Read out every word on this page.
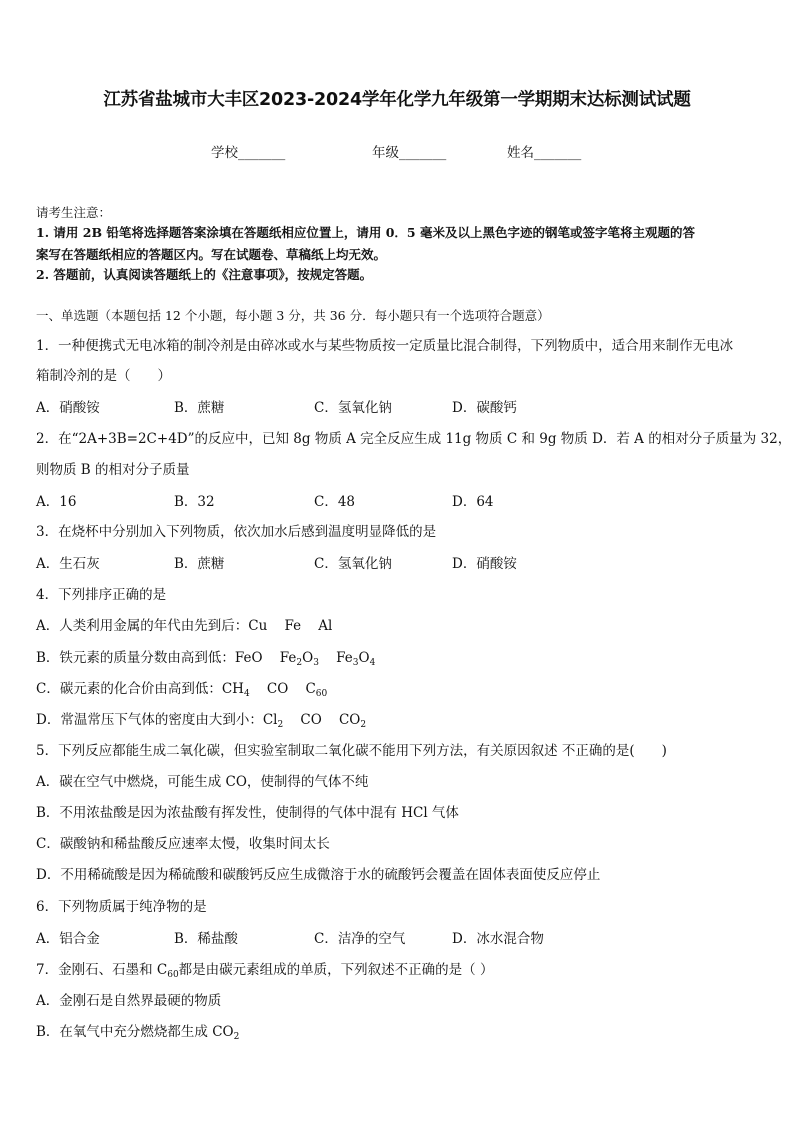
江苏省盐城市大丰区2023-2024学年化学九年级第一学期期末达标测试试题
学校_______	年级_______	姓名_______
请考生注意：
1. 请用 2B 铅笔将选择题答案涂填在答题纸相应位置上，请用 0．5 毫米及以上黑色字迹的钢笔或签字笔将主观题的答
案写在答题纸相应的答题区内。写在试题卷、草稿纸上均无效。
2. 答题前，认真阅读答题纸上的《注意事项》，按规定答题。
一、单选题（本题包括 12 个小题，每小题 3 分，共 36 分．每小题只有一个选项符合题意）
1．一种便携式无电冰箱的制冷剂是由碎冰或水与某些物质按一定质量比混合制得，下列物质中，适合用来制作无电冰
箱制冷剂的是（　　）
A．硝酸铵	B．蔗糖	C．氢氧化钠	D．碳酸钙
2．在“2A+3B=2C+4D”的反应中，已知 8g 物质 A 完全反应生成 11g 物质 C 和 9g 物质 D．若 A 的相对分子质量为 32，
则物质 B 的相对分子质量
A．16	B．32	C．48	D．64
3．在烧杯中分别加入下列物质，依次加水后感到温度明显降低的是
A．生石灰	B．蔗糖	C．氢氧化钠	D．硝酸铵
4．下列排序正确的是
A．人类利用金属的年代由先到后：Cu Fe Al
B．铁元素的质量分数由高到低：FeO $Fe_2O_3$ $Fe_3O_4$
C．碳元素的化合价由高到低：$CH_4$ CO $C_{60}$
D．常温常压下气体的密度由大到小：$Cl_2$ CO $CO_2$
5．下列反应都能生成二氧化碳，但实验室制取二氧化碳不能用下列方法，有关原因叙述 不正确的是(　　)
A．碳在空气中燃烧，可能生成 CO，使制得的气体不纯
B．不用浓盐酸是因为浓盐酸有挥发性，使制得的气体中混有 HCl 气体
C．碳酸钠和稀盐酸反应速率太慢，收集时间太长
D．不用稀硫酸是因为稀硫酸和碳酸钙反应生成微溶于水的硫酸钙会覆盖在固体表面使反应停止
6．下列物质属于纯净物的是
A．铝合金	B．稀盐酸	C．洁净的空气	D．冰水混合物
7．金刚石、石墨和 $C_{60}$都是由碳元素组成的单质，下列叙述不正确的是（ ）
A．金刚石是自然界最硬的物质
B．在氧气中充分燃烧都生成 $CO_2$
